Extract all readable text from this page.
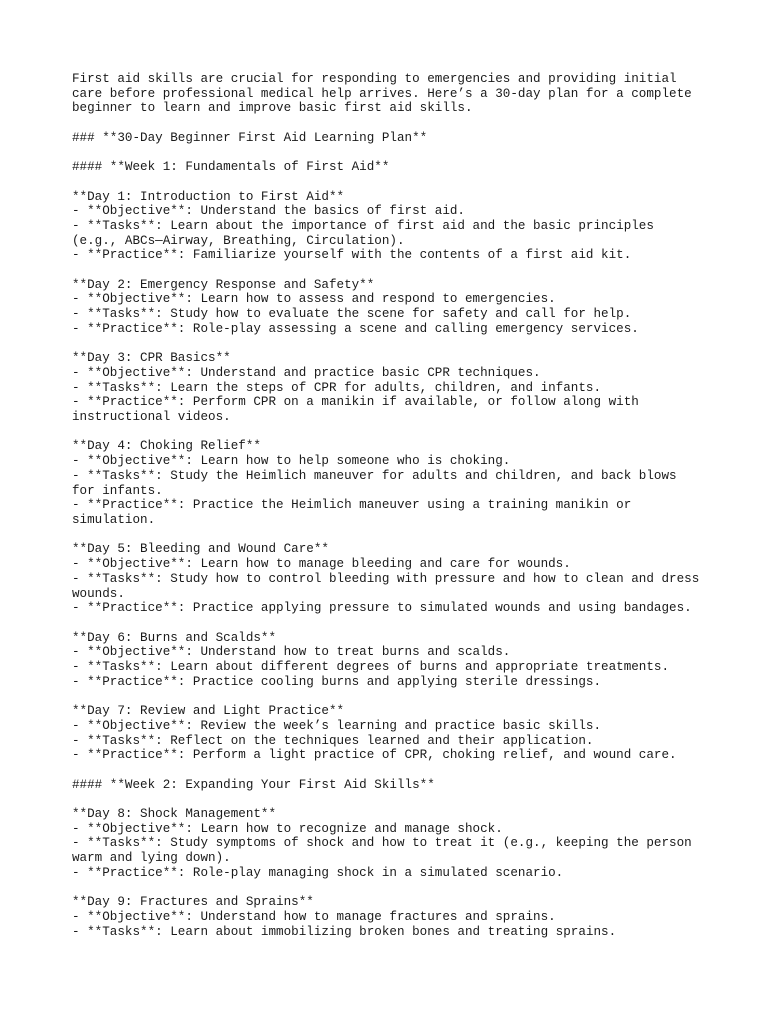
First aid skills are crucial for responding to emergencies and providing initial
care before professional medical help arrives. Here’s a 30-day plan for a complete
beginner to learn and improve basic first aid skills.
### **30-Day Beginner First Aid Learning Plan**
#### **Week 1: Fundamentals of First Aid**
**Day 1: Introduction to First Aid**
- **Objective**: Understand the basics of first aid.
- **Tasks**: Learn about the importance of first aid and the basic principles
(e.g., ABCs—Airway, Breathing, Circulation).
- **Practice**: Familiarize yourself with the contents of a first aid kit.
**Day 2: Emergency Response and Safety**
- **Objective**: Learn how to assess and respond to emergencies.
- **Tasks**: Study how to evaluate the scene for safety and call for help.
- **Practice**: Role-play assessing a scene and calling emergency services.
**Day 3: CPR Basics**
- **Objective**: Understand and practice basic CPR techniques.
- **Tasks**: Learn the steps of CPR for adults, children, and infants.
- **Practice**: Perform CPR on a manikin if available, or follow along with
instructional videos.
**Day 4: Choking Relief**
- **Objective**: Learn how to help someone who is choking.
- **Tasks**: Study the Heimlich maneuver for adults and children, and back blows
for infants.
- **Practice**: Practice the Heimlich maneuver using a training manikin or
simulation.
**Day 5: Bleeding and Wound Care**
- **Objective**: Learn how to manage bleeding and care for wounds.
- **Tasks**: Study how to control bleeding with pressure and how to clean and dress
wounds.
- **Practice**: Practice applying pressure to simulated wounds and using bandages.
**Day 6: Burns and Scalds**
- **Objective**: Understand how to treat burns and scalds.
- **Tasks**: Learn about different degrees of burns and appropriate treatments.
- **Practice**: Practice cooling burns and applying sterile dressings.
**Day 7: Review and Light Practice**
- **Objective**: Review the week’s learning and practice basic skills.
- **Tasks**: Reflect on the techniques learned and their application.
- **Practice**: Perform a light practice of CPR, choking relief, and wound care.
#### **Week 2: Expanding Your First Aid Skills**
**Day 8: Shock Management**
- **Objective**: Learn how to recognize and manage shock.
- **Tasks**: Study symptoms of shock and how to treat it (e.g., keeping the person
warm and lying down).
- **Practice**: Role-play managing shock in a simulated scenario.
**Day 9: Fractures and Sprains**
- **Objective**: Understand how to manage fractures and sprains.
- **Tasks**: Learn about immobilizing broken bones and treating sprains.
